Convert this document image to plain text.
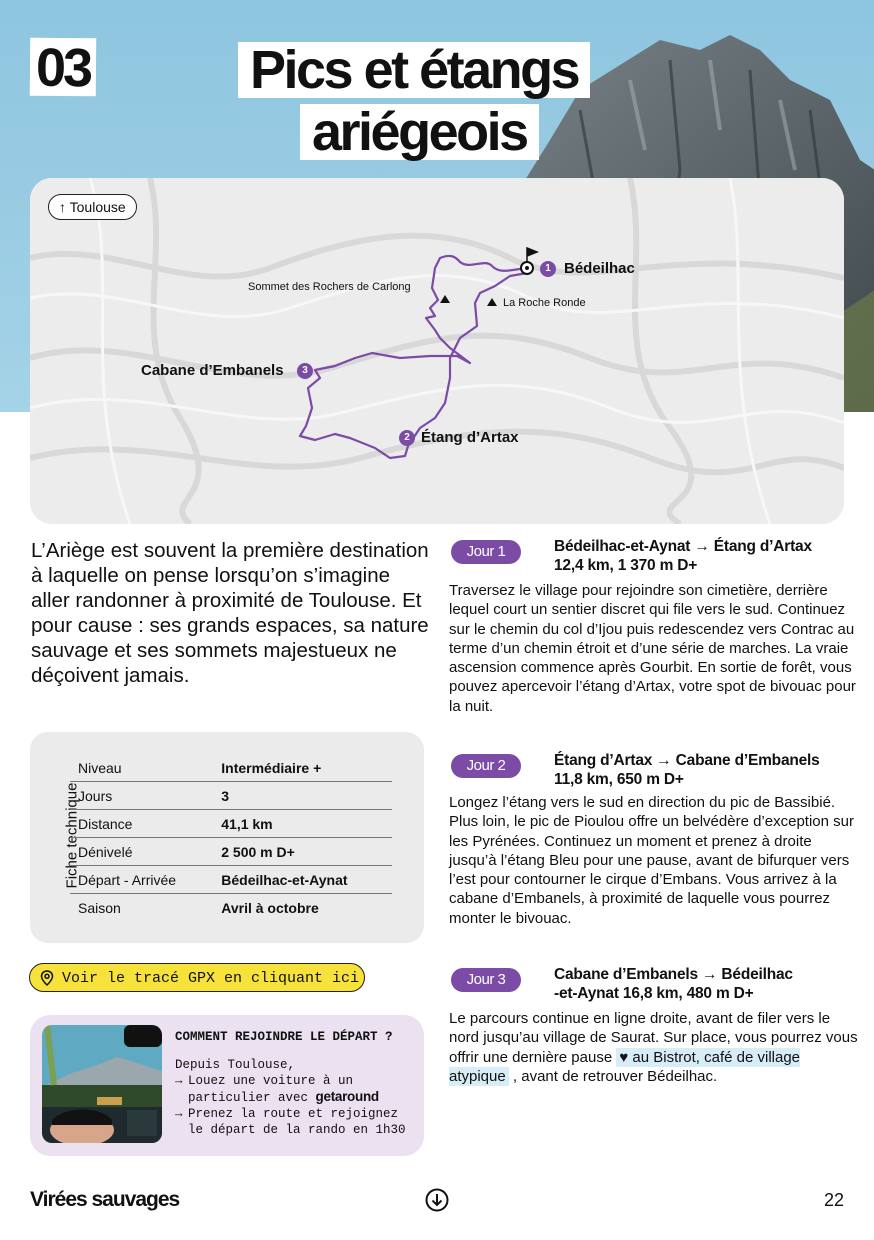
03	Pics et étangs
ariégeois
↑ Toulouse
1 Bédeilhac
2 Étang d’Artax
3
Cabane d’Embanels
Sommet des Rochers de Carlong
La Roche Ronde
L’Ariège est souvent la première destination à laquelle on pense lorsqu’on s’imagine aller randonner à proximité de Toulouse. Et pour cause : ses grands espaces, sa nature sauvage et ses sommets majestueux ne déçoivent jamais.
Fiche technique
Niveau	Intermédiaire +
Jours	3
Distance	41,1 km
Dénivelé	2 500 m D+
Départ - Arrivée	Bédeilhac-et-Aynat
Saison	Avril à octobre
Voir le tracé GPX en cliquant ici
COMMENT REJOINDRE LE DÉPART ?
Depuis Toulouse,
→ Louez une voiture à un
particulier avec getaround
→ Prenez la route et rejoignez
le départ de la rando en 1h30
Jour 1	Bédeilhac-et-Aynat → Étang d’Artax
12,4 km, 1 370 m D+
Traversez le village pour rejoindre son cimetière, derrière lequel court un sentier discret qui file vers le sud. Continuez sur le chemin du col d’Ijou puis redescendez vers Contrac au terme d’un chemin étroit et d’une série de marches. La vraie ascension commence après Gourbit. En sortie de forêt, vous pouvez apercevoir l’étang d’Artax, votre spot de bivouac pour la nuit.
Jour 2	Étang d’Artax → Cabane d’Embanels
11,8 km, 650 m D+
Longez l’étang vers le sud en direction du pic de Bassibié. Plus loin, le pic de Pioulou offre un belvédère d’exception sur les Pyrénées. Continuez un moment et prenez à droite jusqu’à l’étang Bleu pour une pause, avant de bifurquer vers l’est pour contourner le cirque d’Embans. Vous arrivez à la cabane d’Embanels, à proximité de laquelle vous pourrez monter le bivouac.
Jour 3	Cabane d’Embanels → Bédeilhac
-et-Aynat 16,8 km, 480 m D+
Le parcours continue en ligne droite, avant de filer vers le nord jusqu’au village de Saurat. Sur place, vous pourrez vous offrir une dernière pause ♥ au Bistrot, café de village atypique , avant de retrouver Bédeilhac.
Virées sauvages	22
